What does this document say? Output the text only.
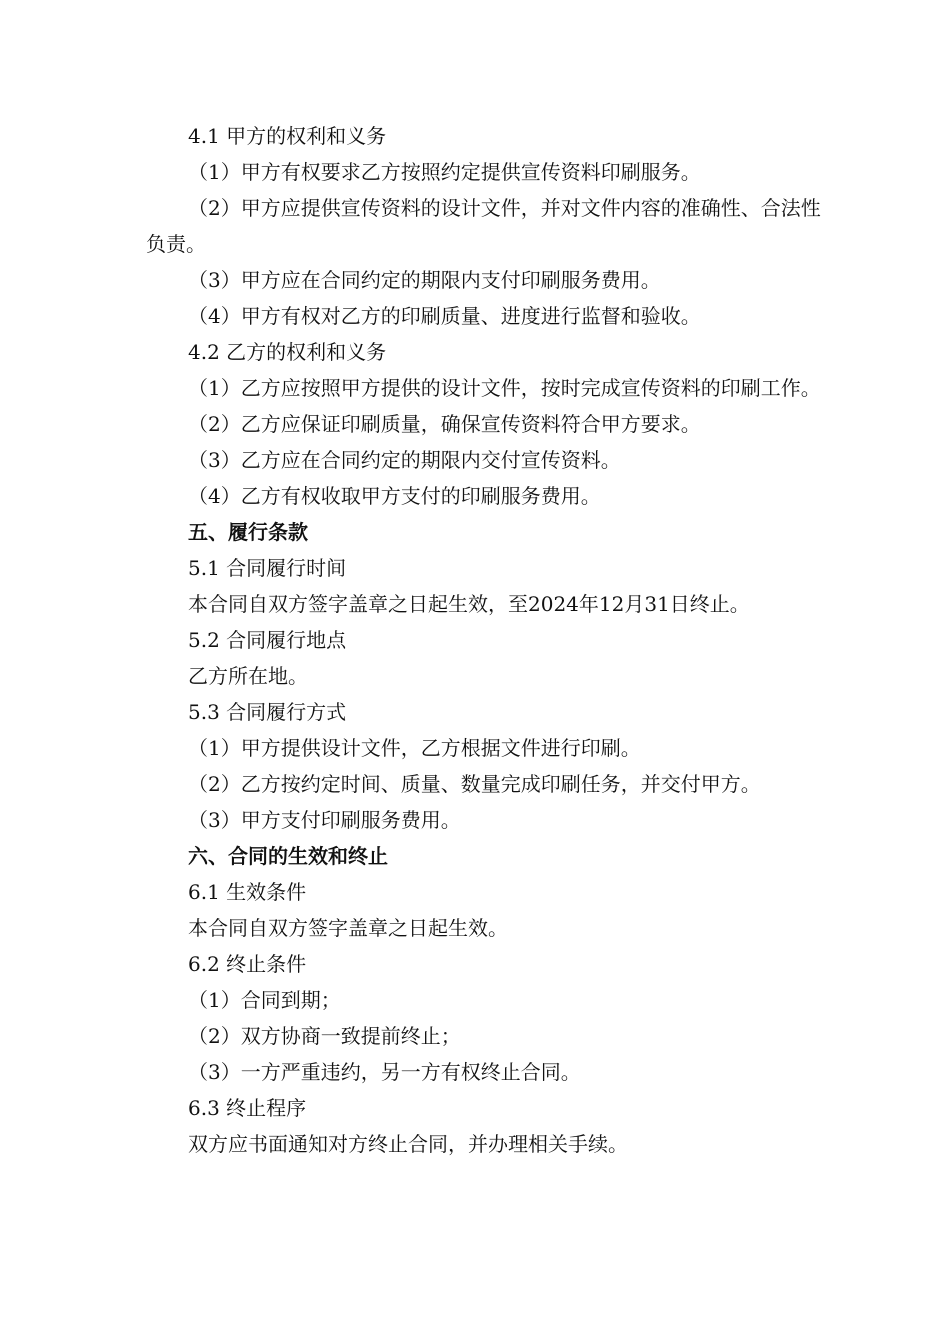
4.1 甲方的权利和义务

（1）甲方有权要求乙方按照约定提供宣传资料印刷服务。

（2）甲方应提供宣传资料的设计文件，并对文件内容的准确性、合法性负责。

（3）甲方应在合同约定的期限内支付印刷服务费用。

（4）甲方有权对乙方的印刷质量、进度进行监督和验收。

4.2 乙方的权利和义务

（1）乙方应按照甲方提供的设计文件，按时完成宣传资料的印刷工作。

（2）乙方应保证印刷质量，确保宣传资料符合甲方要求。

（3）乙方应在合同约定的期限内交付宣传资料。

（4）乙方有权收取甲方支付的印刷服务费用。

五、履行条款

5.1 合同履行时间

本合同自双方签字盖章之日起生效，至2024年12月31日终止。

5.2 合同履行地点

乙方所在地。

5.3 合同履行方式

（1）甲方提供设计文件，乙方根据文件进行印刷。

（2）乙方按约定时间、质量、数量完成印刷任务，并交付甲方。

（3）甲方支付印刷服务费用。

六、合同的生效和终止

6.1 生效条件

本合同自双方签字盖章之日起生效。

6.2 终止条件

（1）合同到期；

（2）双方协商一致提前终止；

（3）一方严重违约，另一方有权终止合同。

6.3 终止程序

双方应书面通知对方终止合同，并办理相关手续。
